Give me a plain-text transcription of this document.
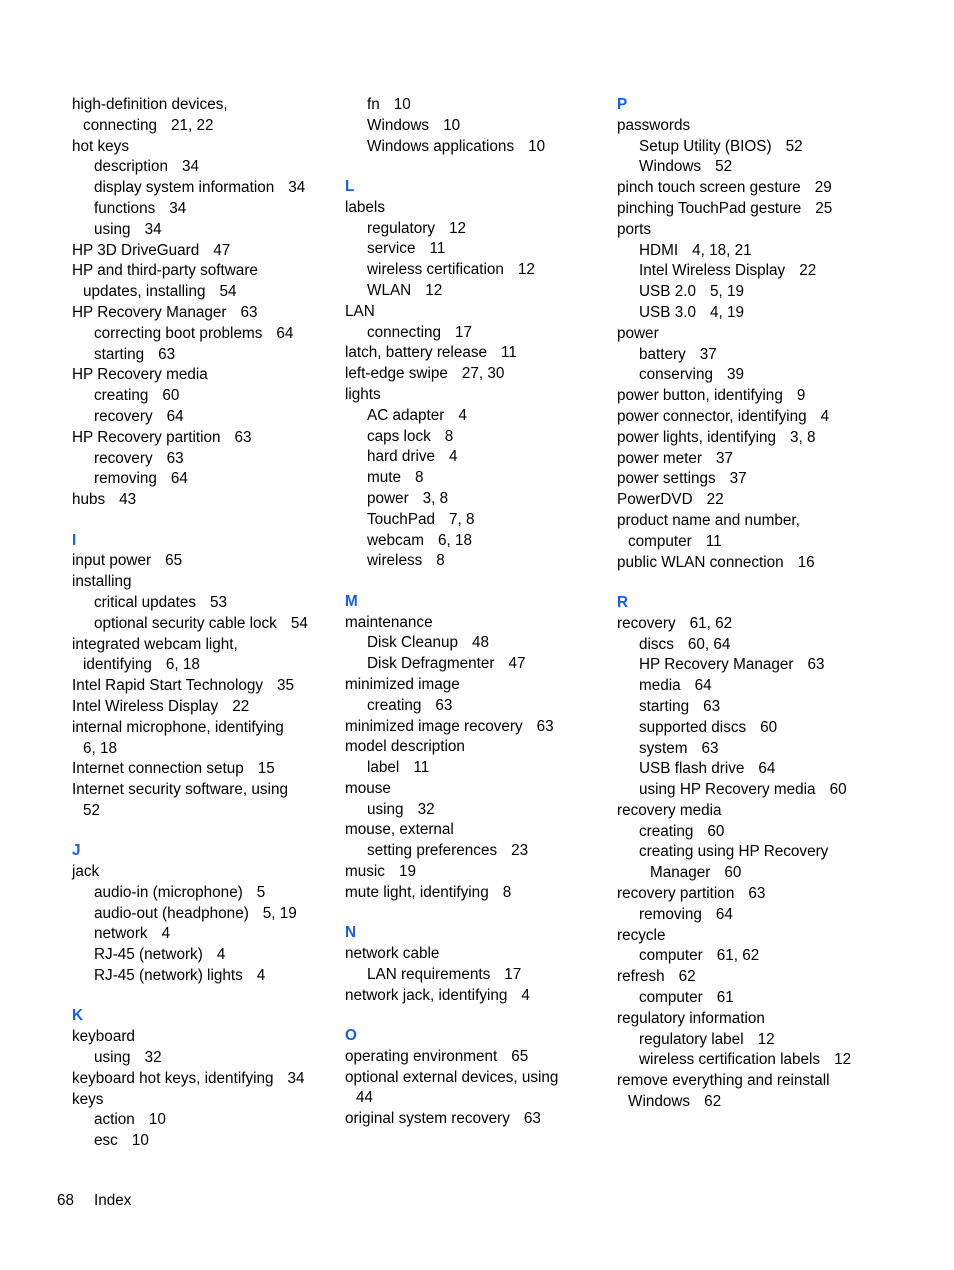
high-definition devices,
connecting 21, 22
hot keys
description 34
display system information 34
functions 34
using 34
HP 3D DriveGuard 47
HP and third-party software
updates, installing 54
HP Recovery Manager 63
correcting boot problems 64
starting 63
HP Recovery media
creating 60
recovery 64
HP Recovery partition 63
recovery 63
removing 64
hubs 43
I
input power 65
installing
critical updates 53
optional security cable lock 54
integrated webcam light,
identifying 6, 18
Intel Rapid Start Technology 35
Intel Wireless Display 22
internal microphone, identifying
6, 18
Internet connection setup 15
Internet security software, using
52
J
jack
audio-in (microphone) 5
audio-out (headphone) 5, 19
network 4
RJ-45 (network) 4
RJ-45 (network) lights 4
K
keyboard
using 32
keyboard hot keys, identifying 34
keys
action 10
esc 10
fn 10
Windows 10
Windows applications 10
L
labels
regulatory 12
service 11
wireless certification 12
WLAN 12
LAN
connecting 17
latch, battery release 11
left-edge swipe 27, 30
lights
AC adapter 4
caps lock 8
hard drive 4
mute 8
power 3, 8
TouchPad 7, 8
webcam 6, 18
wireless 8
M
maintenance
Disk Cleanup 48
Disk Defragmenter 47
minimized image
creating 63
minimized image recovery 63
model description
label 11
mouse
using 32
mouse, external
setting preferences 23
music 19
mute light, identifying 8
N
network cable
LAN requirements 17
network jack, identifying 4
O
operating environment 65
optional external devices, using
44
original system recovery 63
P
passwords
Setup Utility (BIOS) 52
Windows 52
pinch touch screen gesture 29
pinching TouchPad gesture 25
ports
HDMI 4, 18, 21
Intel Wireless Display 22
USB 2.0 5, 19
USB 3.0 4, 19
power
battery 37
conserving 39
power button, identifying 9
power connector, identifying 4
power lights, identifying 3, 8
power meter 37
power settings 37
PowerDVD 22
product name and number,
computer 11
public WLAN connection 16
R
recovery 61, 62
discs 60, 64
HP Recovery Manager 63
media 64
starting 63
supported discs 60
system 63
USB flash drive 64
using HP Recovery media 60
recovery media
creating 60
creating using HP Recovery
Manager 60
recovery partition 63
removing 64
recycle
computer 61, 62
refresh 62
computer 61
regulatory information
regulatory label 12
wireless certification labels 12
remove everything and reinstall
Windows 62
68 Index
